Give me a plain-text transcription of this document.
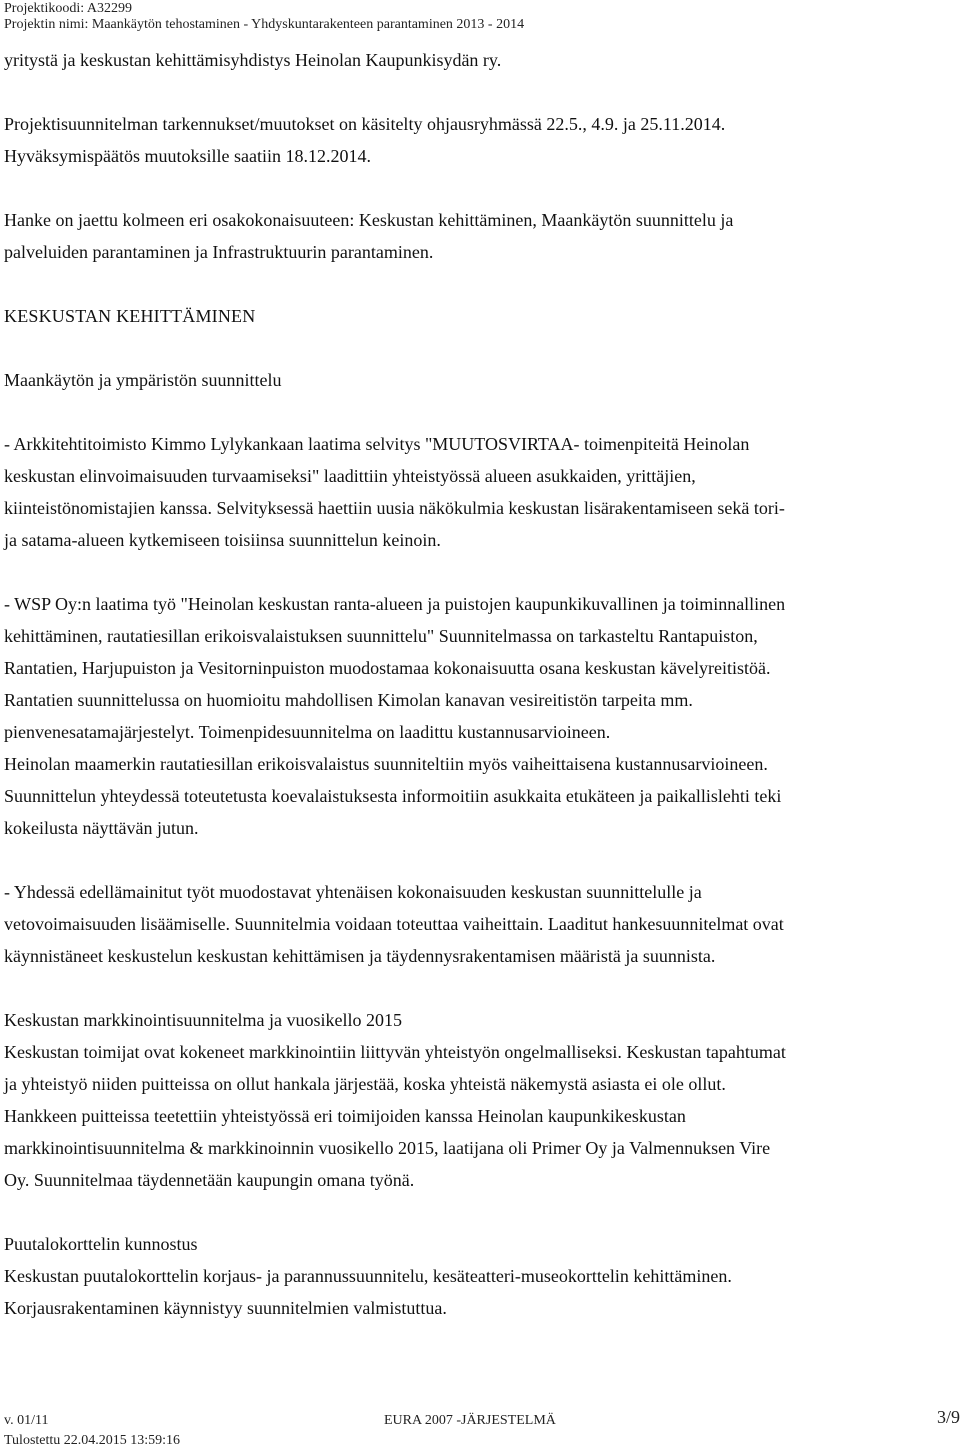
Projektikoodi: A32299
Projektin nimi: Maankäytön tehostaminen - Yhdyskuntarakenteen parantaminen 2013 - 2014

yritystä ja keskustan kehittämisyhdistys Heinolan Kaupunkisydän ry.

Projektisuunnitelman tarkennukset/muutokset on käsitelty ohjausryhmässä 22.5., 4.9. ja 25.11.2014.

Hyväksymispäätös muutoksille saatiin 18.12.2014.

Hanke on jaettu kolmeen eri osakokonaisuuteen: Keskustan kehittäminen, Maankäytön suunnittelu ja

palveluiden parantaminen ja Infrastruktuurin parantaminen.

KESKUSTAN KEHITTÄMINEN

Maankäytön ja ympäristön suunnittelu

- Arkkitehtitoimisto Kimmo Lylykankaan laatima selvitys "MUUTOSVIRTAA- toimenpiteitä Heinolan

keskustan elinvoimaisuuden turvaamiseksi" laadittiin yhteistyössä alueen asukkaiden, yrittäjien,

kiinteistönomistajien kanssa. Selvityksessä haettiin uusia näkökulmia keskustan lisärakentamiseen sekä tori-

ja satama-alueen kytkemiseen toisiinsa suunnittelun keinoin.

- WSP Oy:n laatima työ "Heinolan keskustan ranta-alueen ja puistojen kaupunkikuvallinen ja toiminnallinen

kehittäminen, rautatiesillan erikoisvalaistuksen suunnittelu" Suunnitelmassa on tarkasteltu Rantapuiston,

Rantatien, Harjupuiston ja Vesitorninpuiston muodostamaa kokonaisuutta osana keskustan kävelyreitistöä.

Rantatien suunnittelussa on huomioitu mahdollisen Kimolan kanavan vesireitistön tarpeita mm.

pienvenesatamajärjestelyt. Toimenpidesuunnitelma on laadittu kustannusarvioineen.

Heinolan maamerkin rautatiesillan erikoisvalaistus suunniteltiin myös vaiheittaisena kustannusarvioineen.

Suunnittelun yhteydessä toteutetusta koevalaistuksesta informoitiin asukkaita etukäteen ja paikallislehti teki

kokeilusta näyttävän jutun.

- Yhdessä edellämainitut työt muodostavat yhtenäisen kokonaisuuden keskustan suunnittelulle ja

vetovoimaisuuden lisäämiselle. Suunnitelmia voidaan toteuttaa vaiheittain. Laaditut hankesuunnitelmat ovat

käynnistäneet keskustelun keskustan kehittämisen ja täydennysrakentamisen määristä ja suunnista.

Keskustan markkinointisuunnitelma ja vuosikello 2015

Keskustan toimijat ovat kokeneet markkinointiin liittyvän yhteistyön ongelmalliseksi. Keskustan tapahtumat

ja yhteistyö niiden puitteissa on ollut hankala järjestää, koska yhteistä näkemystä asiasta ei ole ollut.

Hankkeen puitteissa teetettiin yhteistyössä eri toimijoiden kanssa Heinolan kaupunkikeskustan

markkinointisuunnitelma & markkinoinnin vuosikello 2015, laatijana oli Primer Oy ja Valmennuksen Vire

Oy. Suunnitelmaa täydennetään kaupungin omana työnä.

Puutalokorttelin kunnostus

Keskustan puutalokorttelin korjaus- ja parannussuunnitelu, kesäteatteri-museokorttelin kehittäminen.

Korjausrakentaminen käynnistyy suunnitelmien valmistuttua.

v. 01/11	EURA 2007 -JÄRJESTELMÄ	3/9
Tulostettu 22.04.2015 13:59:16
